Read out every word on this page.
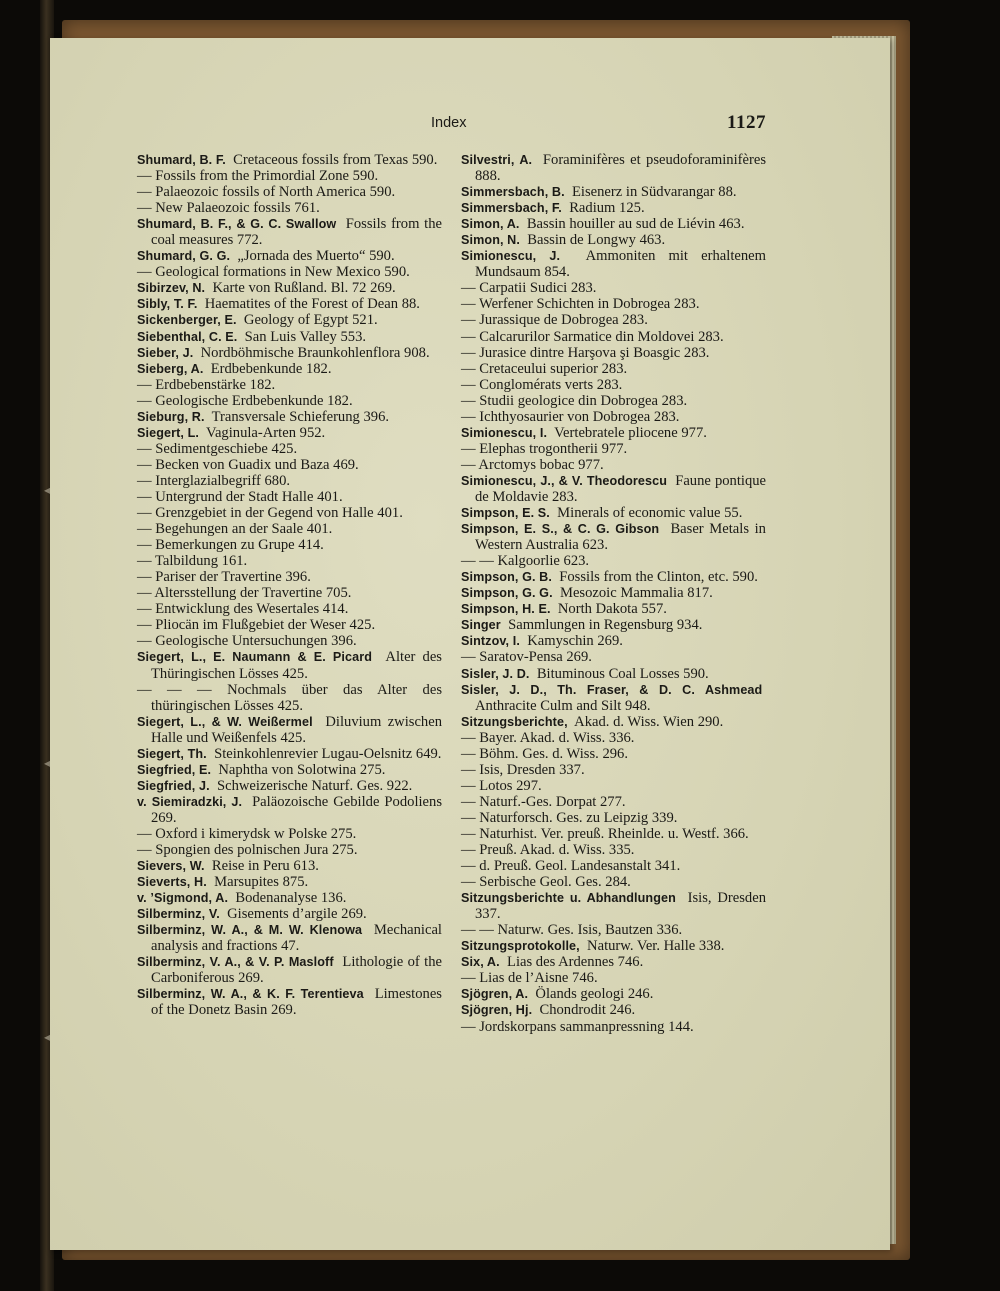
◂
◂
◂
Index	1127

Shumard, B. F. Cretaceous fossils from Texas 590.

— Fossils from the Primordial Zone 590.

— Palaeozoic fossils of North America 590.

— New Palaeozoic fossils 761.

Shumard, B. F., & G. C. Swallow Fossils from the coal measures 772.

Shumard, G. G. „Jornada des Muerto“ 590.

— Geological formations in New Mexico 590.

Sibirzev, N. Karte von Rußland. Bl. 72 269.

Sibly, T. F. Haematites of the Forest of Dean 88.

Sickenberger, E. Geology of Egypt 521.

Siebenthal, C. E. San Luis Valley 553.

Sieber, J. Nordböhmische Braunkohlenflora 908.

Sieberg, A. Erdbebenkunde 182.

— Erdbebenstärke 182.

— Geologische Erdbebenkunde 182.

Sieburg, R. Transversale Schieferung 396.

Siegert, L. Vaginula-Arten 952.

— Sedimentgeschiebe 425.

— Becken von Guadix und Baza 469.

— Interglazialbegriff 680.

— Untergrund der Stadt Halle 401.

— Grenzgebiet in der Gegend von Halle 401.

— Begehungen an der Saale 401.

— Bemerkungen zu Grupe 414.

— Talbildung 161.

— Pariser der Travertine 396.

— Altersstellung der Travertine 705.

— Entwicklung des Wesertales 414.

— Pliocän im Flußgebiet der Weser 425.

— Geologische Untersuchungen 396.

Siegert, L., E. Naumann & E. Picard Alter des Thüringischen Lösses 425.

— — — Nochmals über das Alter des thüringischen Lösses 425.

Siegert, L., & W. Weißermel Diluvium zwischen Halle und Weißenfels 425.

Siegert, Th. Steinkohlenrevier Lugau-Oelsnitz 649.

Siegfried, E. Naphtha von Solotwina 275.

Siegfried, J. Schweizerische Naturf. Ges. 922.

v. Siemiradzki, J. Paläozoische Gebilde Podoliens 269.

— Oxford i kimerydsk w Polske 275.

— Spongien des polnischen Jura 275.

Sievers, W. Reise in Peru 613.

Sieverts, H. Marsupites 875.

v. ’Sigmond, A. Bodenanalyse 136.

Silberminz, V. Gisements d’argile 269.

Silberminz, W. A., & M. W. Klenowa Mechanical analysis and fractions 47.

Silberminz, V. A., & V. P. Masloff Lithologie of the Carboniferous 269.

Silberminz, W. A., & K. F. Terentieva Limestones of the Donetz Basin 269.

Silvestri, A. Foraminifères et pseudoforaminifères 888.

Simmersbach, B. Eisenerz in Südvarangar 88.

Simmersbach, F. Radium 125.

Simon, A. Bassin houiller au sud de Liévin 463.

Simon, N. Bassin de Longwy 463.

Simionescu, J. Ammoniten mit erhaltenem Mundsaum 854.

— Carpatii Sudici 283.

— Werfener Schichten in Dobrogea 283.

— Jurassique de Dobrogea 283.

— Calcarurilor Sarmatice din Moldovei 283.

— Jurasice dintre Harşova şi Boasgic 283.

— Cretaceului superior 283.

— Conglomérats verts 283.

— Studii geologice din Dobrogea 283.

— Ichthyosaurier von Dobrogea 283.

Simionescu, I. Vertebratele pliocene 977.

— Elephas trogontherii 977.

— Arctomys bobac 977.

Simionescu, J., & V. Theodorescu Faune pontique de Moldavie 283.

Simpson, E. S. Minerals of economic value 55.

Simpson, E. S., & C. G. Gibson Baser Metals in Western Australia 623.

— — Kalgoorlie 623.

Simpson, G. B. Fossils from the Clinton, etc. 590.

Simpson, G. G. Mesozoic Mammalia 817.

Simpson, H. E. North Dakota 557.

Singer Sammlungen in Regensburg 934.

Sintzov, I. Kamyschin 269.

— Saratov-Pensa 269.

Sisler, J. D. Bituminous Coal Losses 590.

Sisler, J. D., Th. Fraser, & D. C. Ashmead  Anthracite Culm and Silt 948.

Sitzungsberichte, Akad. d. Wiss. Wien 290.

— Bayer. Akad. d. Wiss. 336.

— Böhm. Ges. d. Wiss. 296.

— Isis, Dresden 337.

— Lotos 297.

— Naturf.-Ges. Dorpat 277.

— Naturforsch. Ges. zu Leipzig 339.

— Naturhist. Ver. preuß. Rheinlde. u. Westf. 366.

— Preuß. Akad. d. Wiss. 335.

— d. Preuß. Geol. Landesanstalt 341.

— Serbische Geol. Ges. 284.

Sitzungsberichte u. Abhandlungen Isis, Dresden 337.

— — Naturw. Ges. Isis, Bautzen 336.

Sitzungsprotokolle, Naturw. Ver. Halle 338.

Six, A. Lias des Ardennes 746.

— Lias de l’Aisne 746.

Sjögren, A. Ölands geologi 246.

Sjögren, Hj. Chondrodit 246.

— Jordskorpans sammanpressning 144.
